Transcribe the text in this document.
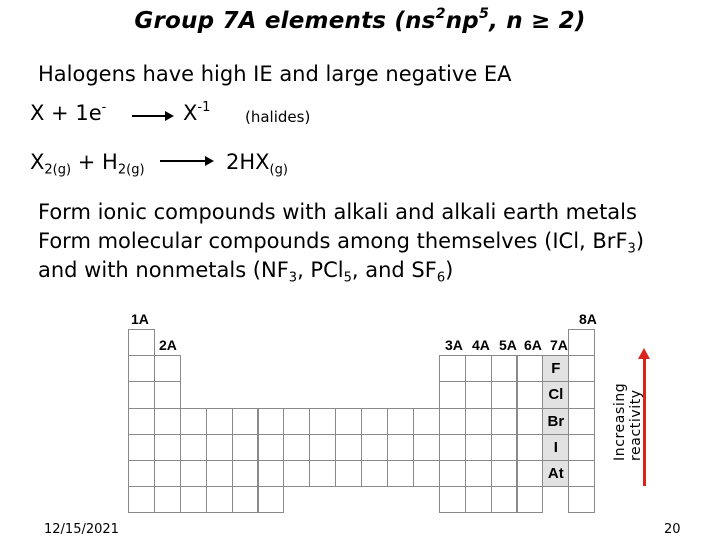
Group 7A elements ($ns^2np^5$, n ≥ 2)
Halogens have high IE and large negative EA
$X + 1e^- \to X^{-1}$
(halides)
$X_{2(g)} + H_{2(g)} \to 2HX_{(g)}$
Form ionic compounds with alkali and alkali earth metals
Form molecular compounds among themselves (ICl, BrF$_3$)
and with nonmetals ($NF_3$, PCl$_5$, and $SF_6$)
1A
2A	3A 4A 5A 6A 7A
8A
F
Cl
Br
I
At
Increasing reactivity
12/15/2021	20
